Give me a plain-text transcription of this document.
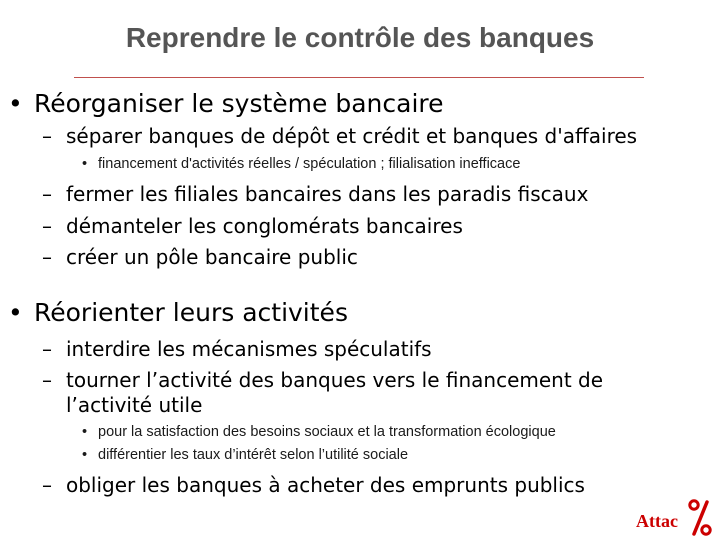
Reprendre le contrôle des banques
• Réorganiser le système bancaire
– séparer banques de dépôt et crédit et banques d'affaires
• financement d'activités réelles / spéculation ; filialisation inefficace
– fermer les filiales bancaires dans les paradis fiscaux
– démanteler les conglomérats bancaires
– créer un pôle bancaire public
• Réorienter leurs activités
– interdire les mécanismes spéculatifs
– tourner l’activité des banques vers le financement de l’activité utile
• pour la satisfaction des besoins sociaux et la transformation écologique
• différentier les taux d’intérêt selon l’utilité sociale
– obliger les banques à acheter des emprunts publics
Attac
